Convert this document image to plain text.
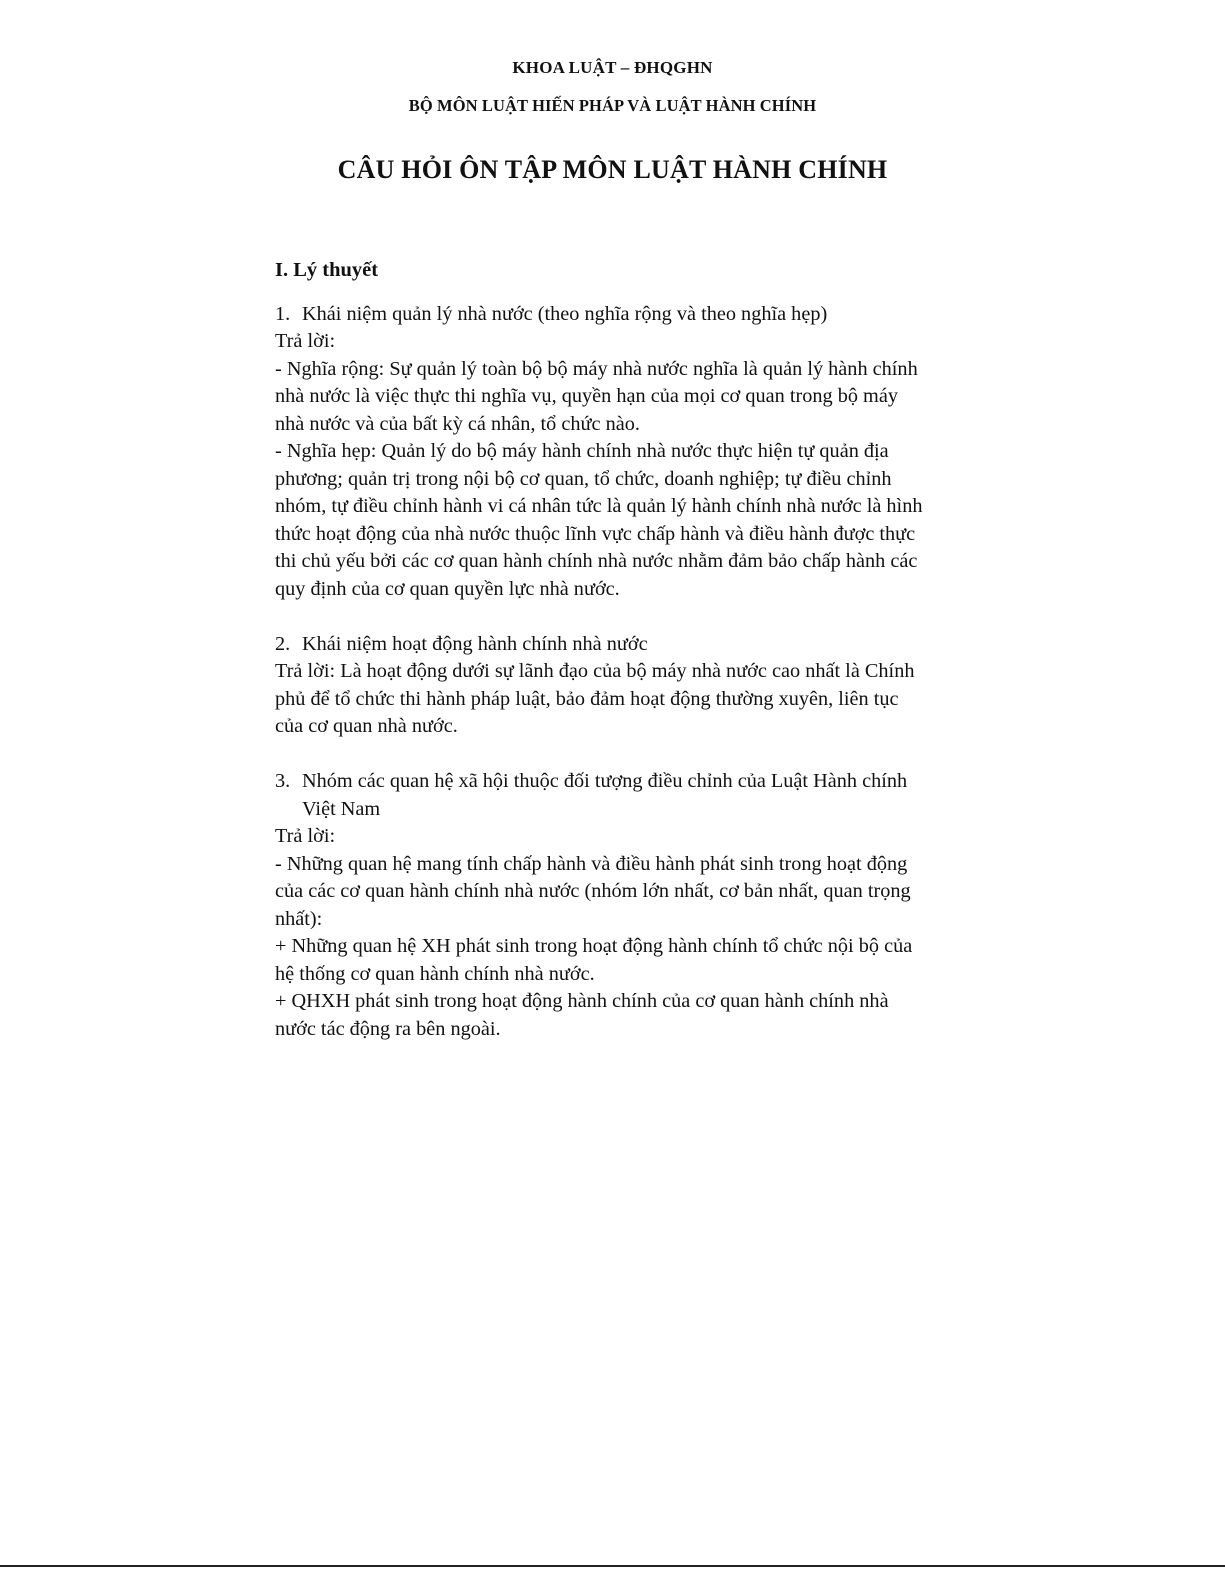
KHOA LUẬT – ĐHQGHN
BỘ MÔN LUẬT HIẾN PHÁP VÀ LUẬT HÀNH CHÍNH
CÂU HỎI ÔN TẬP MÔN LUẬT HÀNH CHÍNH
I. Lý thuyết
1. Khái niệm quản lý nhà nước (theo nghĩa rộng và theo nghĩa hẹp)

Trả lời:

- Nghĩa rộng: Sự quản lý toàn bộ bộ máy nhà nước nghĩa là quản lý hành chính

nhà nước là việc thực thi nghĩa vụ, quyền hạn của mọi cơ quan trong bộ máy

nhà nước và của bất kỳ cá nhân, tổ chức nào.

- Nghĩa hẹp: Quản lý do bộ máy hành chính nhà nước thực hiện tự quản địa

phương; quản trị trong nội bộ cơ quan, tổ chức, doanh nghiệp; tự điều chỉnh

nhóm, tự điều chỉnh hành vi cá nhân tức là quản lý hành chính nhà nước là hình

thức hoạt động của nhà nước thuộc lĩnh vực chấp hành và điều hành được thực

thi chủ yếu bởi các cơ quan hành chính nhà nước nhằm đảm bảo chấp hành các

quy định của cơ quan quyền lực nhà nước.

2. Khái niệm hoạt động hành chính nhà nước

Trả lời: Là hoạt động dưới sự lãnh đạo của bộ máy nhà nước cao nhất là Chính

phủ để tổ chức thi hành pháp luật, bảo đảm hoạt động thường xuyên, liên tục

của cơ quan nhà nước.

3. Nhóm các quan hệ xã hội thuộc đối tượng điều chỉnh của Luật Hành chính
Việt Nam

Trả lời:

- Những quan hệ mang tính chấp hành và điều hành phát sinh trong hoạt động

của các cơ quan hành chính nhà nước (nhóm lớn nhất, cơ bản nhất, quan trọng

nhất):

+ Những quan hệ XH phát sinh trong hoạt động hành chính tổ chức nội bộ của

hệ thống cơ quan hành chính nhà nước.

+ QHXH phát sinh trong hoạt động hành chính của cơ quan hành chính nhà

nước tác động ra bên ngoài.
